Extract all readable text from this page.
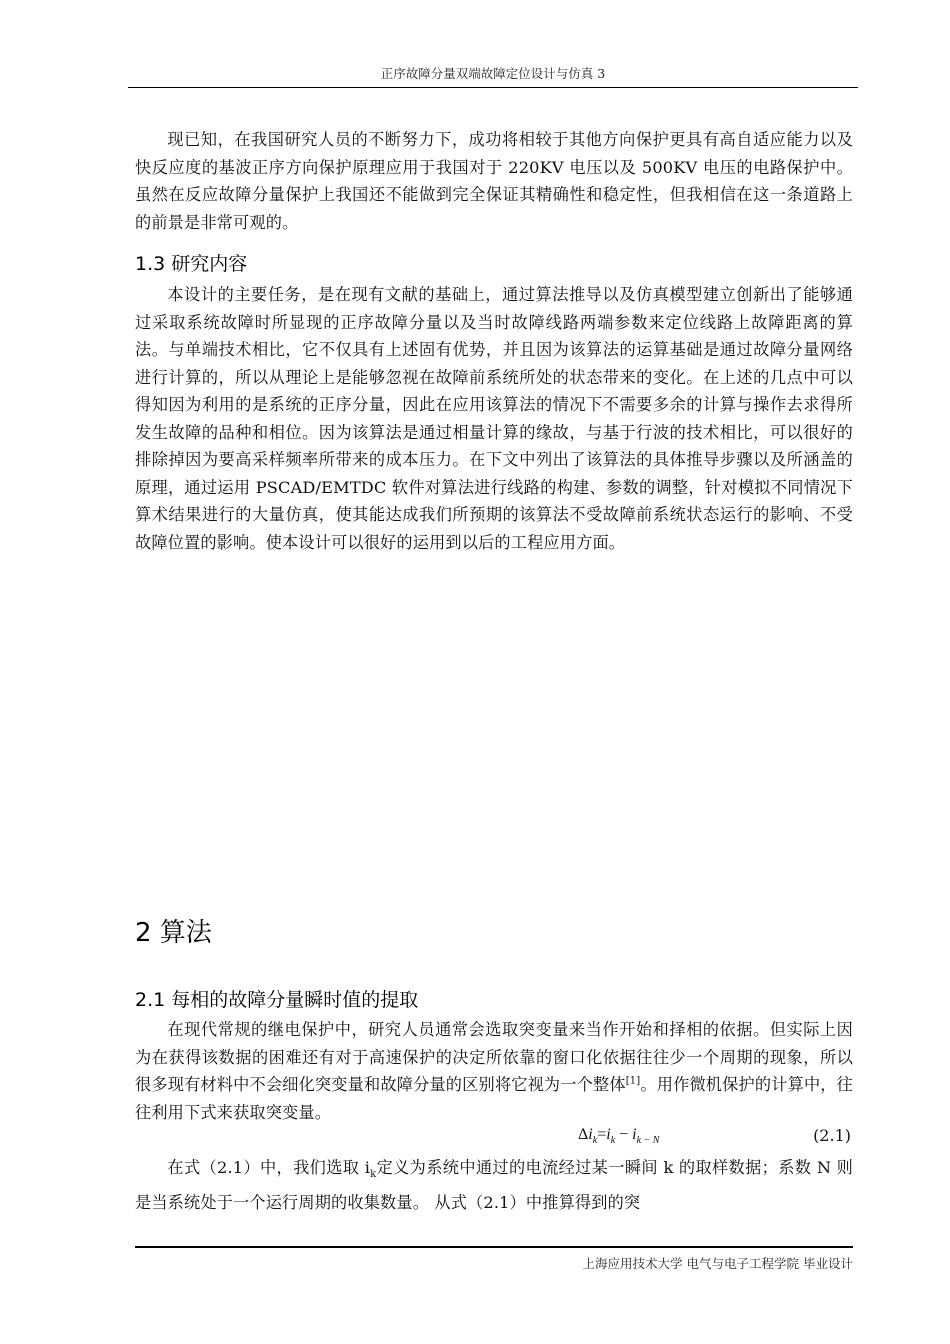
正序故障分量双端故障定位设计与仿真 3

现已知，在我国研究人员的不断努力下，成功将相较于其他方向保护更具有高自适应能力以及快反应度的基波正序方向保护原理应用于我国对于 220KV 电压以及 500KV 电压的电路保护中。虽然在反应故障分量保护上我国还不能做到完全保证其精确性和稳定性，但我相信在这一条道路上的前景是非常可观的。

1.3 研究内容

本设计的主要任务，是在现有文献的基础上，通过算法推导以及仿真模型建立创新出了能够通过采取系统故障时所显现的正序故障分量以及当时故障线路两端参数来定位线路上故障距离的算法。与单端技术相比，它不仅具有上述固有优势，并且因为该算法的运算基础是通过故障分量网络进行计算的，所以从理论上是能够忽视在故障前系统所处的状态带来的变化。在上述的几点中可以得知因为利用的是系统的正序分量，因此在应用该算法的情况下不需要多余的计算与操作去求得所发生故障的品种和相位。因为该算法是通过相量计算的缘故，与基于行波的技术相比，可以很好的排除掉因为要高采样频率所带来的成本压力。在下文中列出了该算法的具体推导步骤以及所涵盖的原理，通过运用 PSCAD/EMTDC 软件对算法进行线路的构建、参数的调整，针对模拟不同情况下算术结果进行的大量仿真，使其能达成我们所预期的该算法不受故障前系统状态运行的影响、不受故障位置的影响。使本设计可以很好的运用到以后的工程应用方面。

2 算法
2.1 每相的故障分量瞬时值的提取

在现代常规的继电保护中，研究人员通常会选取突变量来当作开始和择相的依据。但实际上因为在获得该数据的困难还有对于高速保护的决定所依靠的窗口化依据往往少一个周期的现象，所以很多现有材料中不会细化突变量和故障分量的区别将它视为一个整体[1]。用作微机保护的计算中，往往利用下式来获取突变量。

$\Delta i_k=i_k - i_{k - N}$	(2.1)

在式（2.1）中，我们选取 $i_k$定义为系统中通过的电流经过某一瞬间 k 的取样数据；系数 N 则是当系统处于一个运行周期的收集数量。 从式（2.1）中推算得到的突

上海应用技术大学 电气与电子工程学院 毕业设计
